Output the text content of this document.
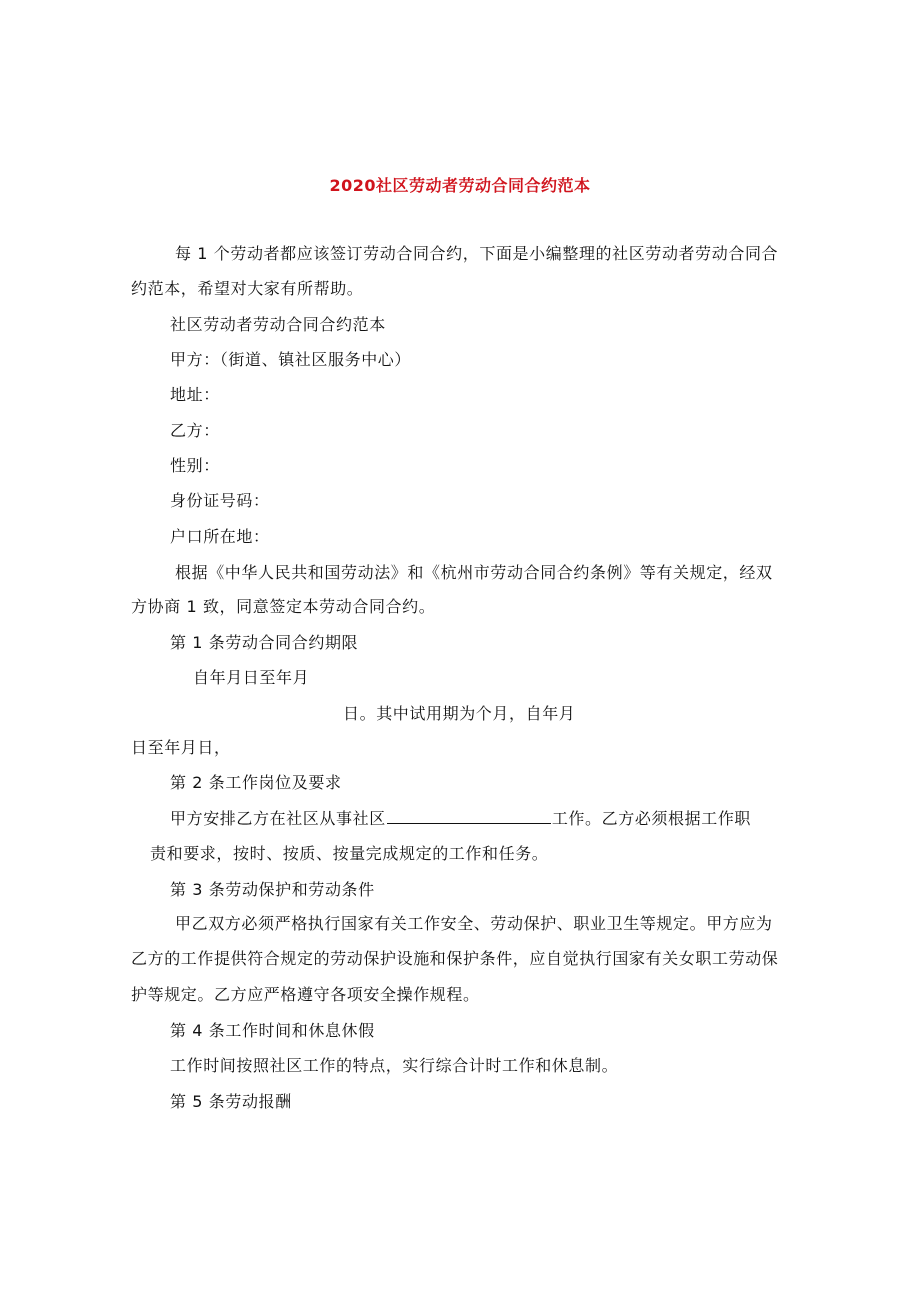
2020社区劳动者劳动合同合约范本
每 1 个劳动者都应该签订劳动合同合约，下面是小编整理的社区劳动者劳动合同合
约范本，希望对大家有所帮助。
社区劳动者劳动合同合约范本
甲方：（街道、镇社区服务中心）
地址：
乙方：
性别：
身份证号码：
户口所在地：
根据《中华人民共和国劳动法》和《杭州市劳动合同合约条例》等有关规定，经双
方协商 1 致，同意签定本劳动合同合约。
第 1 条劳动合同合约期限
自年月日至年月
日。其中试用期为个月，自年月
日至年月日，
第 2 条工作岗位及要求
甲方安排乙方在社区从事社区	工作。乙方必须根据工作职
责和要求，按时、按质、按量完成规定的工作和任务。
第 3 条劳动保护和劳动条件
甲乙双方必须严格执行国家有关工作安全、劳动保护、职业卫生等规定。甲方应为
乙方的工作提供符合规定的劳动保护设施和保护条件，应自觉执行国家有关女职工劳动保
护等规定。乙方应严格遵守各项安全操作规程。
第 4 条工作时间和休息休假
工作时间按照社区工作的特点，实行综合计时工作和休息制。
第 5 条劳动报酬
